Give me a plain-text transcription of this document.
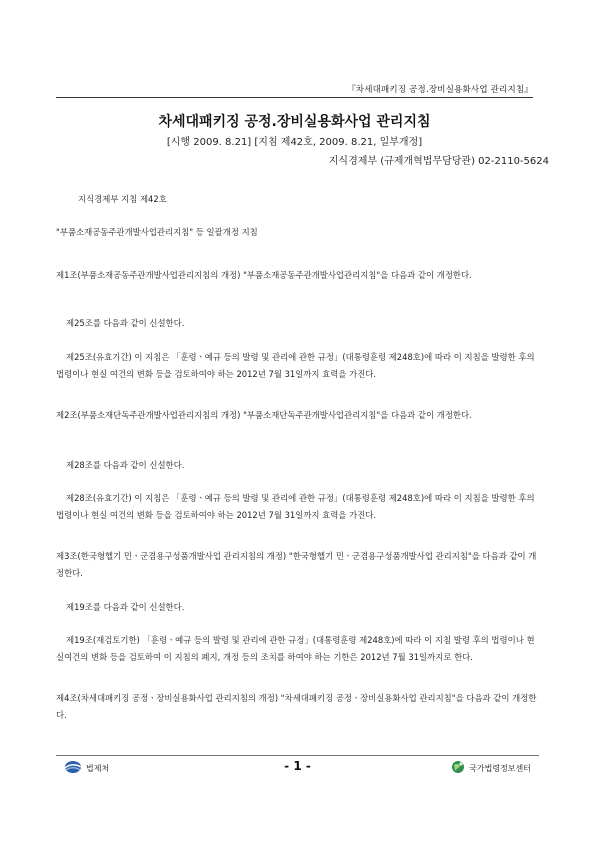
『차세대패키징 공정.장비실용화사업 관리지침』
차세대패키징 공정.장비실용화사업 관리지침
[시행 2009. 8.21] [지침 제42호, 2009. 8.21, 일부개정]
지식경제부 (규제개혁법무담당관) 02-2110-5624
지식경제부 지침 제42호
"부품소재공동주관개발사업관리지침" 등 일괄개정 지침

제1조(부품소재공동주관개발사업관리지침의 개정) "부품소재공동주관개발사업관리지침"을 다음과 같이 개정한다.

제25조를 다음과 같이 신설한다.

제25조(유효기간) 이 지침은 「훈령ㆍ예규 등의 발령 및 관리에 관한 규정」(대통령훈령 제248호)에 따라 이 지침을 발령한 후의 법령이나 현실 여건의 변화 등을 검토하여야 하는 2012년 7월 31일까지 효력을 가진다.

제2조(부품소재단독주관개발사업관리지침의 개정) "부품소재단독주관개발사업관리지침"을 다음과 같이 개정한다.

제28조를 다음과 같이 신설한다.

제28조(유효기간) 이 지침은 「훈령ㆍ예규 등의 발령 및 관리에 관한 규정」(대통령훈령 제248호)에 따라 이 지침을 발령한 후의 법령이나 현실 여건의 변화 등을 검토하여야 하는 2012년 7월 31일까지 효력을 가진다.

제3조(한국형헬기 민ㆍ군겸용구성품개발사업 관리지침의 개정) "한국형헬기 민ㆍ군겸용구성품개발사업 관리지침"을 다음과 같이 개정한다.

제19조를 다음과 같이 신설한다.

제19조(재검토기한) 「훈령ㆍ예규 등의 발령 및 관리에 관한 규정」(대통령훈령 제248호)에 따라 이 지침 발령 후의 법령이나 현실여건의 변화 등을 검토하여 이 지침의 폐지, 개정 등의 조치를 하여야 하는 기한은 2012년 7월 31일까지로 한다.

제4조(차세대패키징 공정ㆍ장비실용화사업 관리지침의 개정) "차세대패키징 공정ㆍ장비실용화사업 관리지침"을 다음과 같이 개정한다.

법제처	- 1 -	국가법령정보센터
